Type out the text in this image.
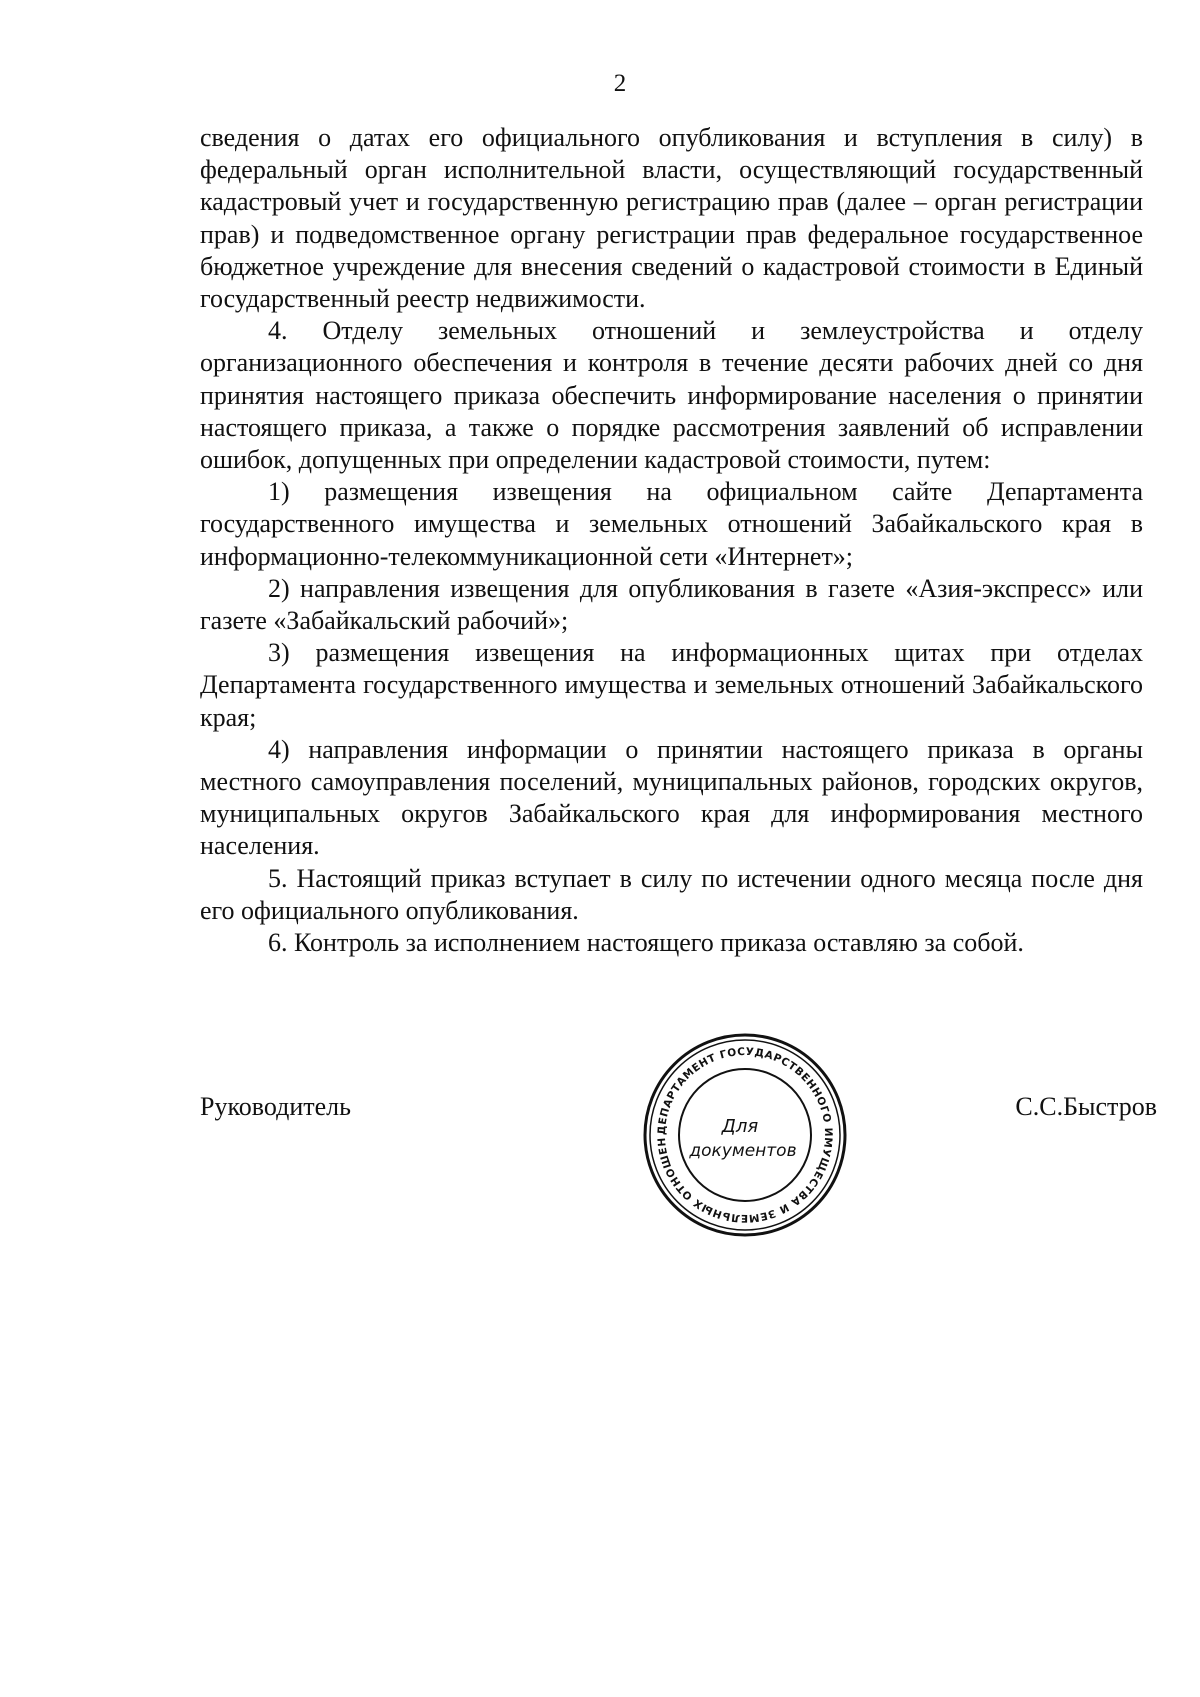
2

сведения о датах его официального опубликования и вступления в силу) в федеральный орган исполнительной власти, осуществляющий государственный кадастровый учет и государственную регистрацию прав (далее – орган регистрации прав) и подведомственное органу регистрации прав федеральное государственное бюджетное учреждение для внесения сведений о кадастровой стоимости в Единый государственный реестр недвижимости.

4. Отделу земельных отношений и землеустройства и отделу организационного обеспечения и контроля в течение десяти рабочих дней со дня принятия настоящего приказа обеспечить информирование населения о принятии настоящего приказа, а также о порядке рассмотрения заявлений об исправлении ошибок, допущенных при определении кадастровой стоимости, путем:

1) размещения извещения на официальном сайте Департамента государственного имущества и земельных отношений Забайкальского края в информационно-телекоммуникационной сети «Интернет»;

2) направления извещения для опубликования в газете «Азия-экспресс» или газете «Забайкальский рабочий»;

3) размещения извещения на информационных щитах при отделах Департамента государственного имущества и земельных отношений Забайкальского края;

4) направления информации о принятии настоящего приказа в органы местного самоуправления поселений, муниципальных районов, городских округов, муниципальных округов Забайкальского края для информирования местного населения.

5. Настоящий приказ вступает в силу по истечении одного месяца после дня его официального опубликования.

6. Контроль за исполнением настоящего приказа оставляю за собой.

Руководитель	С.С.Быстров
ДЕПАРТАМЕНТ ГОСУДАРСТВЕННОГО ИМУЩЕСТВА И ЗЕМЕЛЬНЫХ ОТНОШЕН
Для
документов
